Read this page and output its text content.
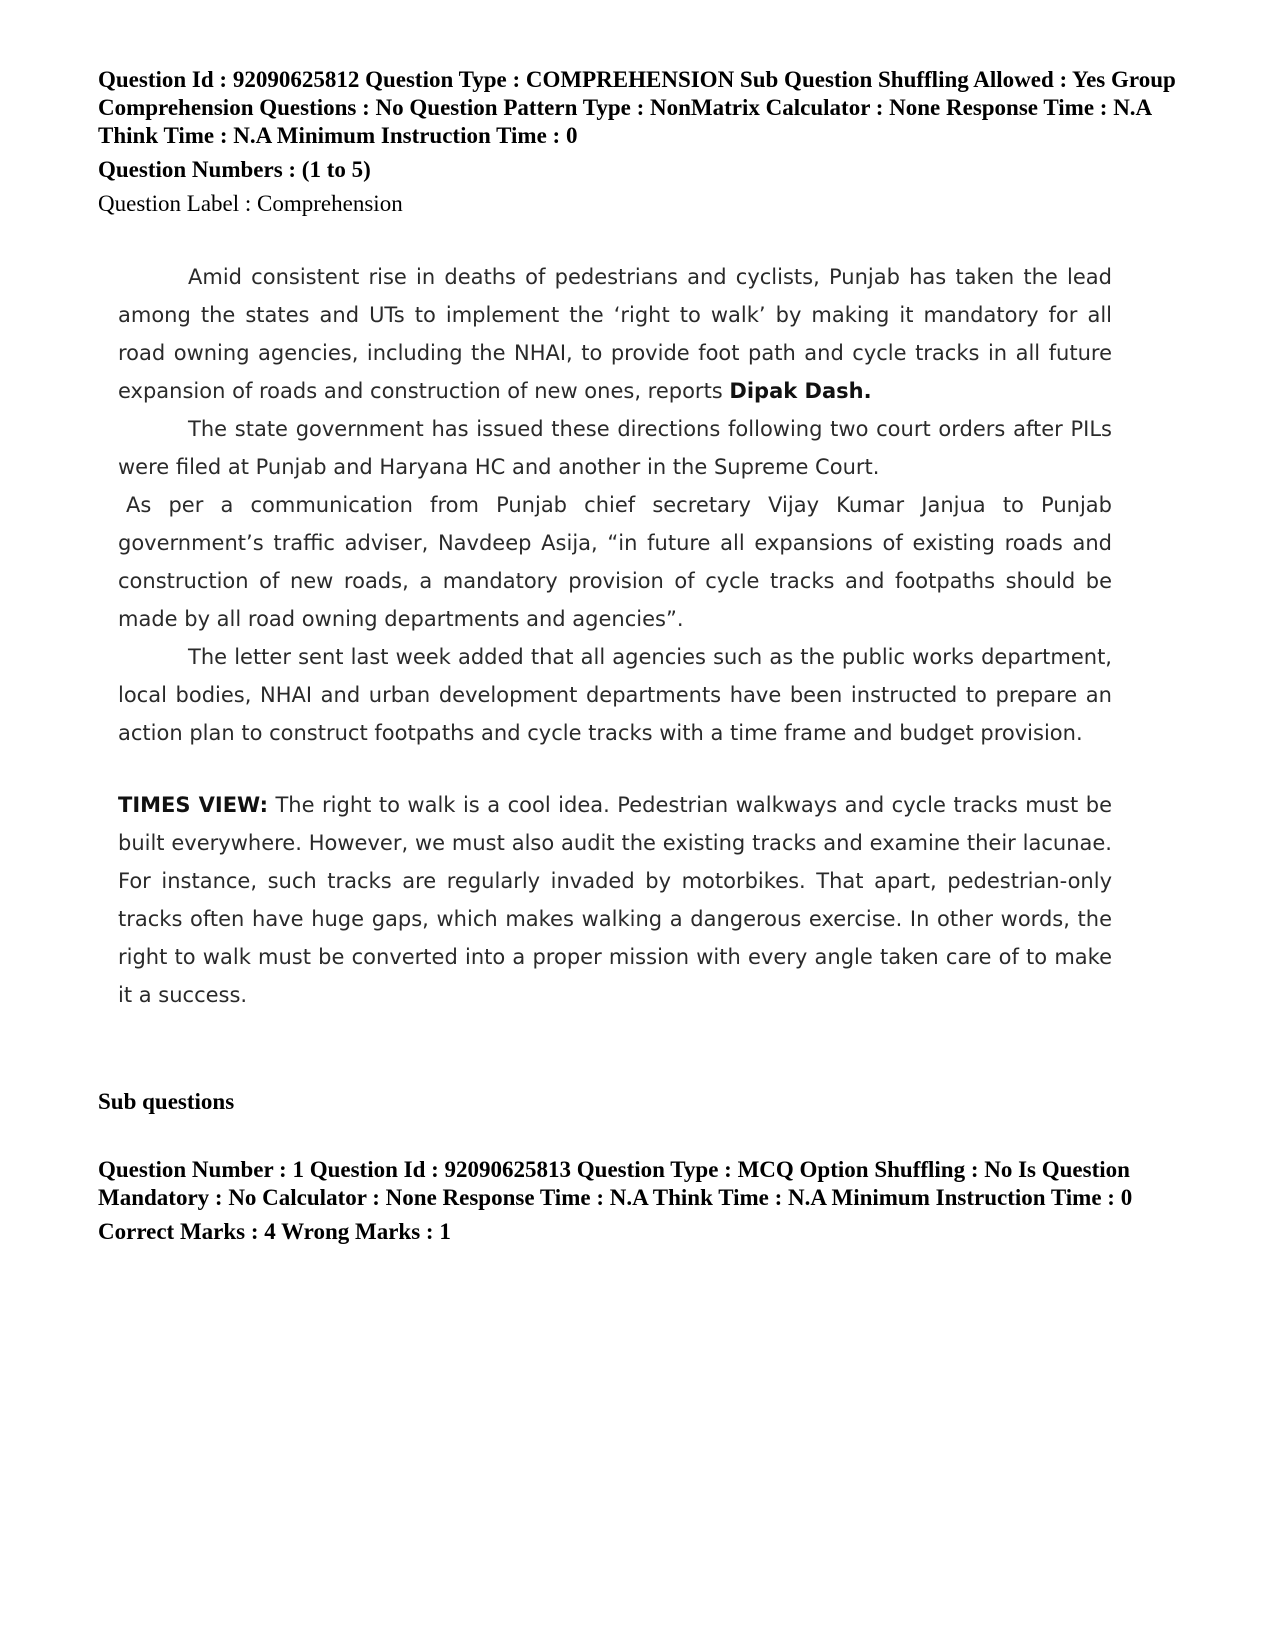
Question Id : 92090625812 Question Type : COMPREHENSION Sub Question Shuffling Allowed : Yes Group Comprehension Questions : No Question Pattern Type : NonMatrix Calculator : None Response Time : N.A Think Time : N.A Minimum Instruction Time : 0

Question Numbers : (1 to 5)

Question Label : Comprehension

Amid consistent rise in deaths of pedestrians and cyclists, Punjab has taken the lead among the states and UTs to implement the ‘right to walk’ by making it mandatory for all road owning agencies, including the NHAI, to provide foot path and cycle tracks in all future expansion of roads and construction of new ones, reports Dipak Dash.

The state government has issued these directions following two court orders after PILs were filed at Punjab and Haryana HC and another in the Supreme Court.

As per a communication from Punjab chief secretary Vijay Kumar Janjua to Punjab government’s traffic adviser, Navdeep Asija, “in future all expansions of existing roads and construction of new roads, a mandatory provision of cycle tracks and footpaths should be made by all road owning departments and agencies”.

The letter sent last week added that all agencies such as the public works department, local bodies, NHAI and urban development departments have been instructed to prepare an action plan to construct footpaths and cycle tracks with a time frame and budget provision.

TIMES VIEW: The right to walk is a cool idea. Pedestrian walkways and cycle tracks must be built everywhere. However, we must also audit the existing tracks and examine their lacunae. For instance, such tracks are regularly invaded by motorbikes. That apart, pedestrian-only tracks often have huge gaps, which makes walking a dangerous exercise. In other words, the right to walk must be converted into a proper mission with every angle taken care of to make it a success.

Sub questions

Question Number : 1 Question Id : 92090625813 Question Type : MCQ Option Shuffling : No Is Question Mandatory : No Calculator : None Response Time : N.A Think Time : N.A Minimum Instruction Time : 0

Correct Marks : 4 Wrong Marks : 1
